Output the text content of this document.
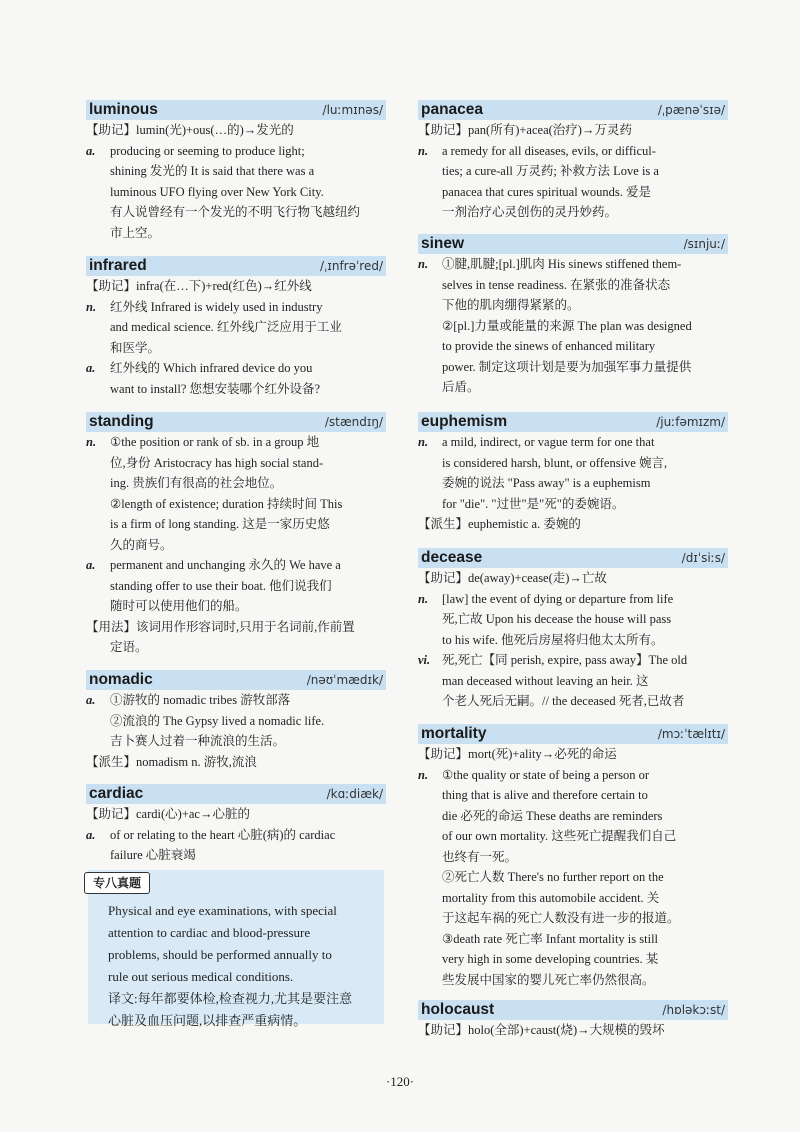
luminous	/luːmɪnəs/
【助记】lumin(光)+ous(…的)→发光的
a. producing or seeming to produce light;
shining 发光的 It is said that there was a
luminous UFO flying over New York City.
有人说曾经有一个发光的不明飞行物飞越纽约
市上空。
infrared	/ˌɪnfrəˈred/
【助记】infra(在…下)+red(红色)→红外线
n. 红外线 Infrared is widely used in industry
and medical science. 红外线广泛应用于工业
和医学。
a. 红外线的 Which infrared device do you
want to install? 您想安装哪个红外设备?
standing	/stændɪŋ/
n. ①the position or rank of sb. in a group 地
位,身份 Aristocracy has high social stand-
ing. 贵族们有很高的社会地位。
②length of existence; duration 持续时间 This
is a firm of long standing. 这是一家历史悠
久的商号。
a. permanent and unchanging 永久的 We have a
standing offer to use their boat. 他们说我们
随时可以使用他们的船。
【用法】该词用作形容词时,只用于名词前,作前置
定语。
nomadic	/nəʊˈmædɪk/
a. ①游牧的 nomadic tribes 游牧部落
②流浪的 The Gypsy lived a nomadic life.
吉卜赛人过着一种流浪的生活。
【派生】nomadism n. 游牧,流浪
cardiac	/kɑːdiæk/
【助记】cardi(心)+ac→心脏的
a. of or relating to the heart 心脏(病)的 cardiac
failure 心脏衰竭
panacea	/ˌpænəˈsɪə/
【助记】pan(所有)+acea(治疗)→万灵药
n. a remedy for all diseases, evils, or difficul-
ties; a cure-all 万灵药; 补救方法 Love is a
panacea that cures spiritual wounds. 爱是
一剂治疗心灵创伤的灵丹妙药。
sinew	/sɪnjuː/
n. ①腱,肌腱;[pl.]肌肉 His sinews stiffened them-
selves in tense readiness. 在紧张的准备状态
下他的肌肉绷得紧紧的。
②[pl.]力量或能量的来源 The plan was designed
to provide the sinews of enhanced military
power. 制定这项计划是要为加强军事力量提供
后盾。
euphemism	/juːfəmɪzm/
n. a mild, indirect, or vague term for one that
is considered harsh, blunt, or offensive 婉言,
委婉的说法 "Pass away" is a euphemism
for "die". "过世"是"死"的委婉语。
【派生】euphemistic a. 委婉的
decease	/dɪˈsiːs/
【助记】de(away)+cease(走)→亡故
n. [law] the event of dying or departure from life
死,亡故 Upon his decease the house will pass
to his wife. 他死后房屋将归他太太所有。
vi. 死,死亡【同 perish, expire, pass away】The old
man deceased without leaving an heir. 这
个老人死后无嗣。// the deceased 死者,已故者
mortality	/mɔːˈtælɪtɪ/
【助记】mort(死)+ality→必死的命运
n. ①the quality or state of being a person or
thing that is alive and therefore certain to
die 必死的命运 These deaths are reminders
of our own mortality. 这些死亡提醒我们自己
也终有一死。
②死亡人数 There's no further report on the
mortality from this automobile accident. 关
于这起车祸的死亡人数没有进一步的报道。
③death rate 死亡率 Infant mortality is still
very high in some developing countries. 某
些发展中国家的婴儿死亡率仍然很高。
holocaust	/hɒləkɔːst/
【助记】holo(全部)+caust(烧)→大规模的毁坏
Physical and eye examinations, with special
attention to cardiac and blood-pressure
problems, should be performed annually to
rule out serious medical conditions.
译文:每年都要体检,检查视力,尤其是要注意
心脏及血压问题,以排查严重病情。
专八真题
·120·
